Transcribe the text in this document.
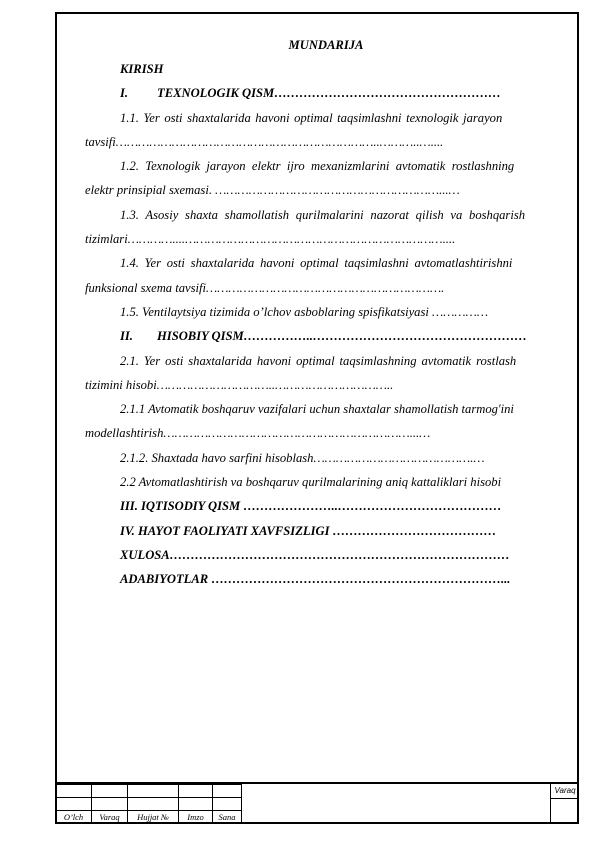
MUNDARIJA

KIRISH

I. TEXNOLOGIK QISM………………………………………………

1.1. Yer osti shaxtalarida havoni optimal taqsimlashni texnologik jarayon

tavsifi……………………………………………………………..………..…....

1.2. Texnologik jarayon elektr ijro mexanizmlarini avtomatik rostlashning

elektr prinsipial sxemasi. ……………………………………………………...…

1.3. Asosiy shaxta shamollatish qurilmalarini nazorat qilish va boshqarish

tizimlari…………....……………………………………………………………....

1.4. Yer osti shaxtalarida havoni optimal taqsimlashni avtomatlashtirishni

funksional sxema tavsifi……………………………………………………….

1.5. Ventilaytsiya tizimida o’lchov asboblaring spisfikatsiyasi ……………

II. HISOBIY QISM……………..……………………………………………

2.1. Yer osti shaxtalarida havoni optimal taqsimlashning avtomatik rostlash

tizimini hisobi…………………………..…………………………..

2.1.1 Avtomatik boshqaruv vazifalari uchun shaxtalar shamollatish tarmog'ini

modellashtirish…………………………………………………………...…

2.1.2. Shaxtada havo sarfini hisoblash…………………………………….…

2.2 Avtomatlashtirish va boshqaruv qurilmalarining aniq kattaliklari hisobi

III. IQTISODIY QISM …………………..…………………………………

IV. HAYOT FAOLIYATI XAVFSIZLIGI …………………………………

XULOSA………………………………………………………………………

ADABIYOTLAR ……………………………………………………………...

O’lch	Varaq	Hujjat №	Imzo	Sana
Varaq
